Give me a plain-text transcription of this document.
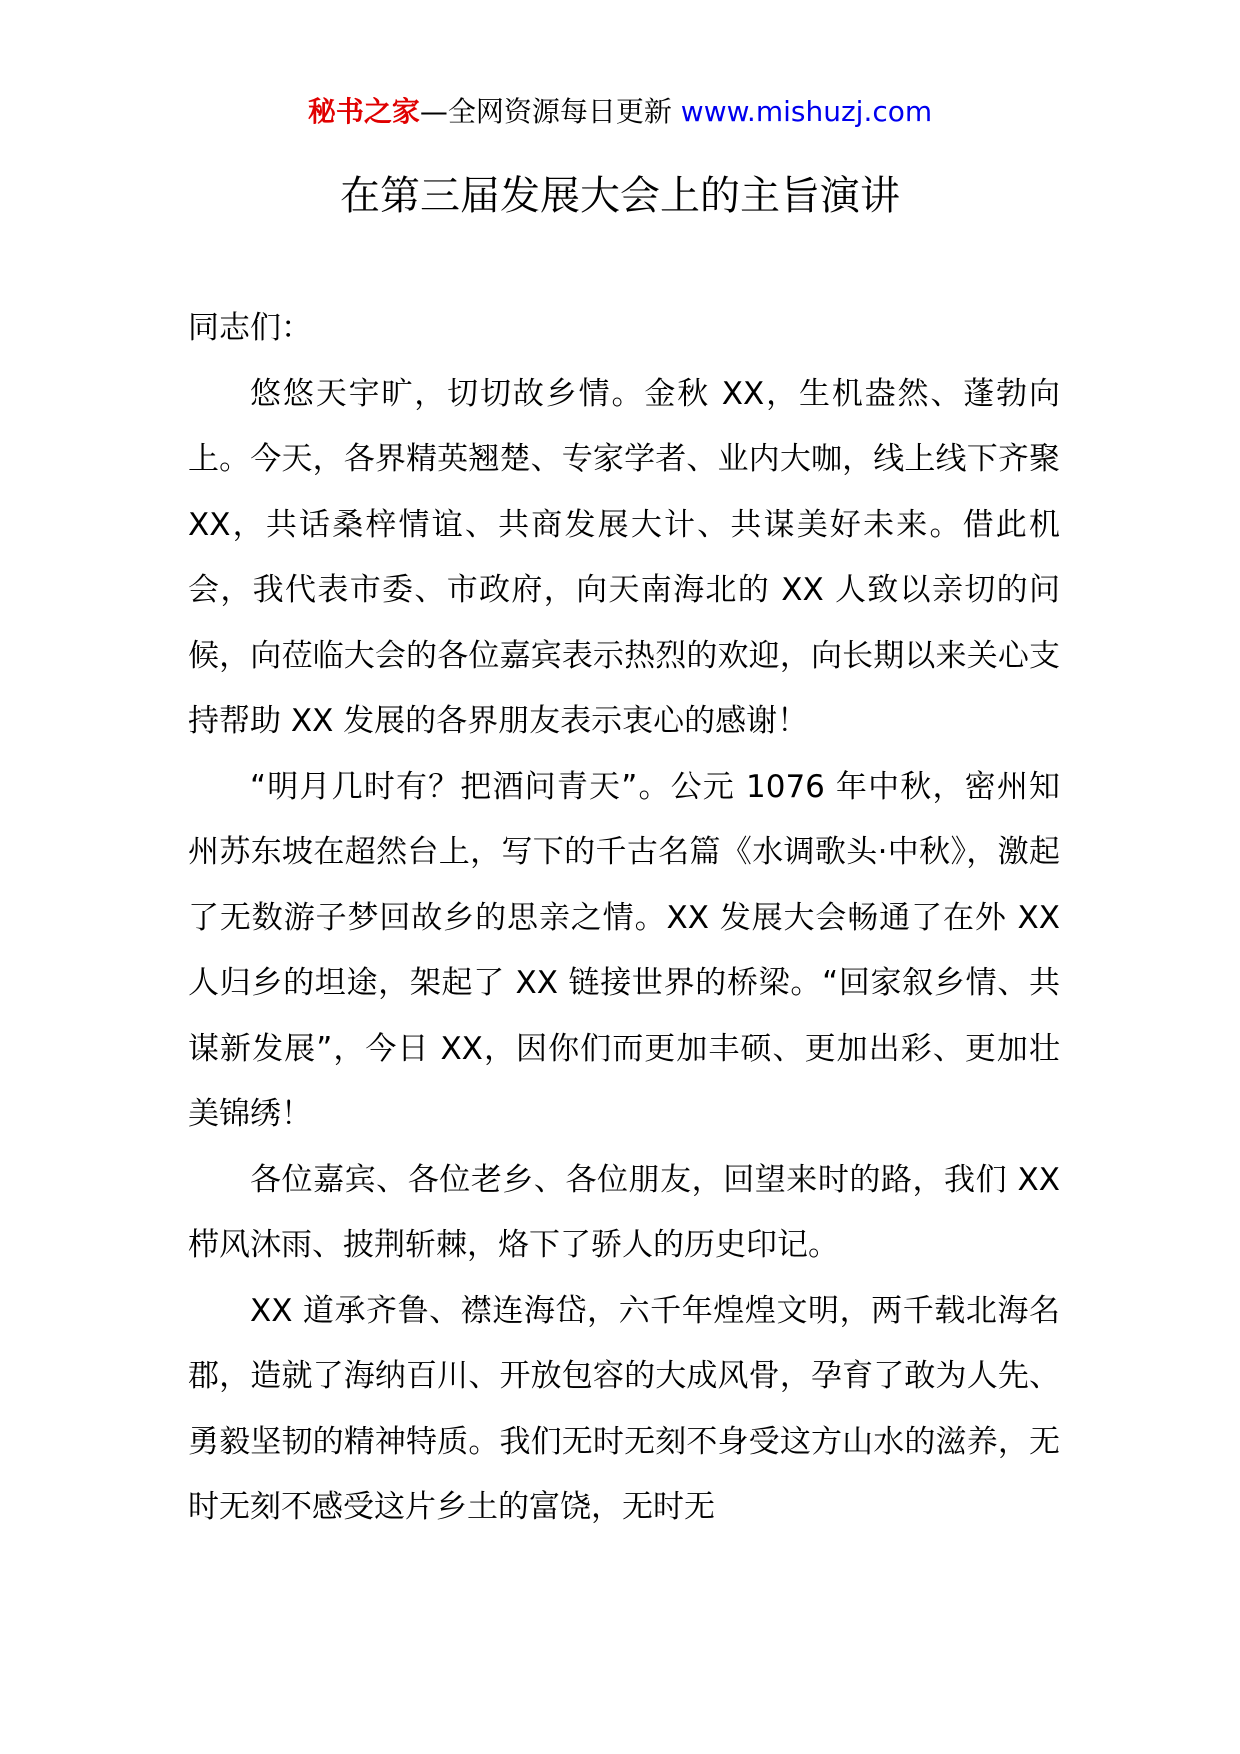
秘书之家—全网资源每日更新 www.mishuzj.com
在第三届发展大会上的主旨演讲

同志们：

悠悠天宇旷，切切故乡情。金秋 XX，生机盎然、蓬勃向上。今天，各界精英翘楚、专家学者、业内大咖，线上线下齐聚 XX，共话桑梓情谊、共商发展大计、共谋美好未来。借此机会，我代表市委、市政府，向天南海北的 XX 人致以亲切的问候，向莅临大会的各位嘉宾表示热烈的欢迎，向长期以来关心支持帮助 XX 发展的各界朋友表示衷心的感谢！

“明月几时有？把酒问青天”。公元 1076 年中秋，密州知州苏东坡在超然台上，写下的千古名篇《水调歌头·中秋》，激起了无数游子梦回故乡的思亲之情。XX 发展大会畅通了在外 XX 人归乡的坦途，架起了 XX 链接世界的桥梁。“回家叙乡情、共谋新发展”，今日 XX，因你们而更加丰硕、更加出彩、更加壮美锦绣！

各位嘉宾、各位老乡、各位朋友，回望来时的路，我们 XX 栉风沐雨、披荆斩棘，烙下了骄人的历史印记。

XX 道承齐鲁、襟连海岱，六千年煌煌文明，两千载北海名郡，造就了海纳百川、开放包容的大成风骨，孕育了敢为人先、勇毅坚韧的精神特质。我们无时无刻不身受这方山水的滋养，无时无刻不感受这片乡土的富饶，无时无
